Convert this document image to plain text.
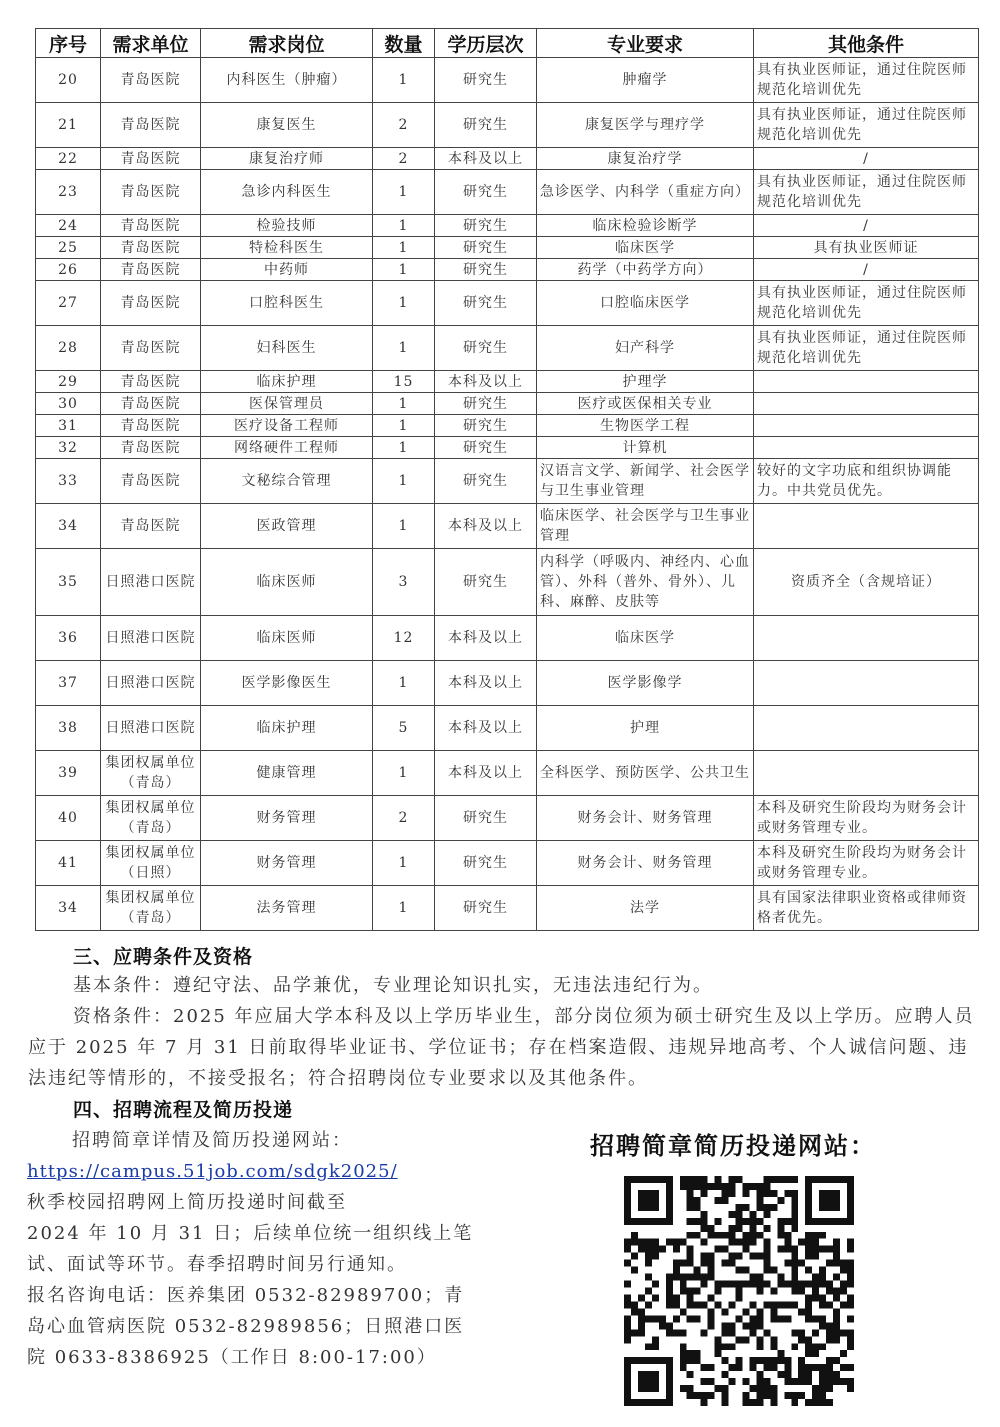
序号	需求单位	需求岗位	数量	学历层次	专业要求	其他条件
20	青岛医院	内科医生（肿瘤）	1	研究生	肿瘤学	具有执业医师证，通过住院医师规范化培训优先
21	青岛医院	康复医生	2	研究生	康复医学与理疗学	具有执业医师证，通过住院医师规范化培训优先
22	青岛医院	康复治疗师	2	本科及以上	康复治疗学	/
23	青岛医院	急诊内科医生	1	研究生	急诊医学、内科学（重症方向）	具有执业医师证，通过住院医师规范化培训优先
24	青岛医院	检验技师	1	研究生	临床检验诊断学	/
25	青岛医院	特检科医生	1	研究生	临床医学	具有执业医师证
26	青岛医院	中药师	1	研究生	药学（中药学方向）	/
27	青岛医院	口腔科医生	1	研究生	口腔临床医学	具有执业医师证，通过住院医师规范化培训优先
28	青岛医院	妇科医生	1	研究生	妇产科学	具有执业医师证，通过住院医师规范化培训优先
29	青岛医院	临床护理	15	本科及以上	护理学	
30	青岛医院	医保管理员	1	研究生	医疗或医保相关专业	
31	青岛医院	医疗设备工程师	1	研究生	生物医学工程	
32	青岛医院	网络硬件工程师	1	研究生	计算机	
33	青岛医院	文秘综合管理	1	研究生	汉语言文学、新闻学、社会医学与卫生事业管理	较好的文字功底和组织协调能力。中共党员优先。
34	青岛医院	医政管理	1	本科及以上	临床医学、社会医学与卫生事业管理	
35	日照港口医院	临床医师	3	研究生	内科学（呼吸内、神经内、心血管）、外科（普外、骨外）、儿科、麻醉、皮肤等	资质齐全（含规培证）
36	日照港口医院	临床医师	12	本科及以上	临床医学	
37	日照港口医院	医学影像医生	1	本科及以上	医学影像学	
38	日照港口医院	临床护理	5	本科及以上	护理	
39	集团权属单位（青岛）	健康管理	1	本科及以上	全科医学、预防医学、公共卫生	
40	集团权属单位（青岛）	财务管理	2	研究生	财务会计、财务管理	本科及研究生阶段均为财务会计或财务管理专业。
41	集团权属单位（日照）	财务管理	1	研究生	财务会计、财务管理	本科及研究生阶段均为财务会计或财务管理专业。
34	集团权属单位（青岛）	法务管理	1	研究生	法学	具有国家法律职业资格或律师资格者优先。
三、应聘条件及资格
基本条件：遵纪守法、品学兼优，专业理论知识扎实，无违法违纪行为。
资格条件：2025 年应届大学本科及以上学历毕业生，部分岗位须为硕士研究生及以上学历。应聘人员应于 2025 年 7 月 31 日前取得毕业证书、学位证书；存在档案造假、违规异地高考、个人诚信问题、违法违纪等情形的，不接受报名；符合招聘岗位专业要求以及其他条件。
四、招聘流程及简历投递
招聘简章详情及简历投递网站：
https://campus.51job.com/sdgk2025/
秋季校园招聘网上简历投递时间截至
2024 年 10 月 31 日；后续单位统一组织线上笔
试、面试等环节。春季招聘时间另行通知。
报名咨询电话：医养集团 0532-82989700；青
岛心血管病医院 0532-82989856；日照港口医
院 0633-8386925（工作日 8:00-17:00）
招聘简章简历投递网站：
